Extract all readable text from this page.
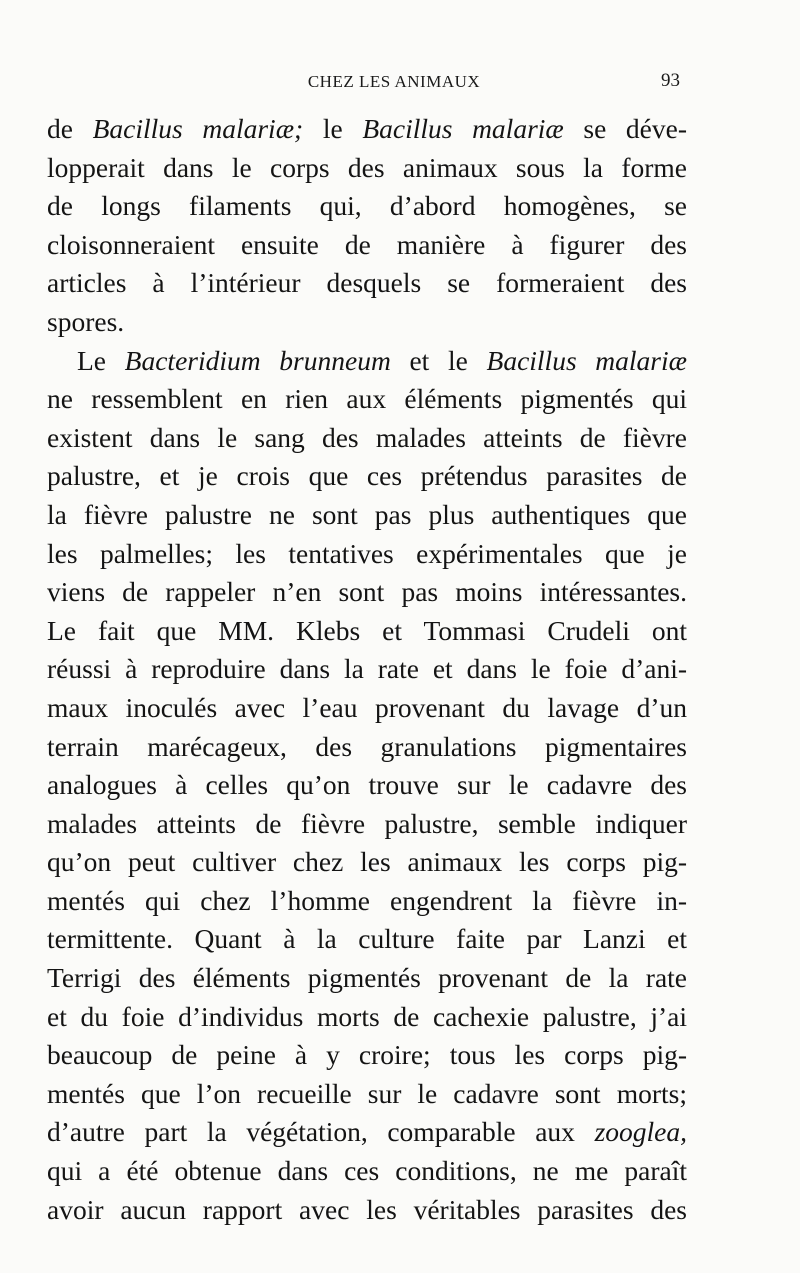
CHEZ LES ANIMAUX	93
de Bacillus malariæ; le Bacillus malariæ se déve-
lopperait dans le corps des animaux sous la forme
de longs filaments qui, d’abord homogènes, se
cloisonneraient ensuite de manière à figurer des
articles à l’intérieur desquels se formeraient des
spores.
Le Bacteridium brunneum et le Bacillus malariæ
ne ressemblent en rien aux éléments pigmentés qui
existent dans le sang des malades atteints de fièvre
palustre, et je crois que ces prétendus parasites de
la fièvre palustre ne sont pas plus authentiques que
les palmelles; les tentatives expérimentales que je
viens de rappeler n’en sont pas moins intéressantes.
Le fait que MM. Klebs et Tommasi Crudeli ont
réussi à reproduire dans la rate et dans le foie d’ani-
maux inoculés avec l’eau provenant du lavage d’un
terrain marécageux, des granulations pigmentaires
analogues à celles qu’on trouve sur le cadavre des
malades atteints de fièvre palustre, semble indiquer
qu’on peut cultiver chez les animaux les corps pig-
mentés qui chez l’homme engendrent la fièvre in-
termittente. Quant à la culture faite par Lanzi et
Terrigi des éléments pigmentés provenant de la rate
et du foie d’individus morts de cachexie palustre, j’ai
beaucoup de peine à y croire; tous les corps pig-
mentés que l’on recueille sur le cadavre sont morts;
d’autre part la végétation, comparable aux zooglea,
qui a été obtenue dans ces conditions, ne me paraît
avoir aucun rapport avec les véritables parasites des
